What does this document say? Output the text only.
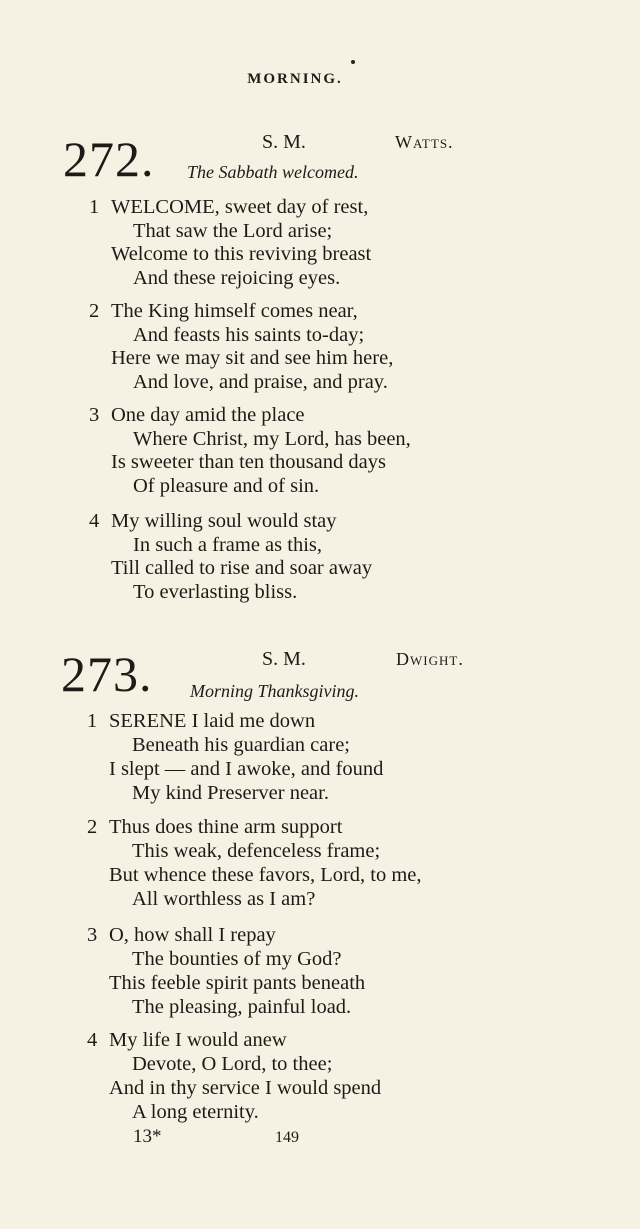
MORNING.
272.	S. M.	Watts.
The Sabbath welcomed.
1 WELCOME, sweet day of rest,
That saw the Lord arise;
Welcome to this reviving breast
And these rejoicing eyes.
2 The King himself comes near,
And feasts his saints to-day;
Here we may sit and see him here,
And love, and praise, and pray.
3 One day amid the place
Where Christ, my Lord, has been,
Is sweeter than ten thousand days
Of pleasure and of sin.
4 My willing soul would stay
In such a frame as this,
Till called to rise and soar away
To everlasting bliss.
273.	S. M.	Dwight.
Morning Thanksgiving.
1 SERENE I laid me down
Beneath his guardian care;
I slept — and I awoke, and found
My kind Preserver near.
2 Thus does thine arm support
This weak, defenceless frame;
But whence these favors, Lord, to me,
All worthless as I am?
3 O, how shall I repay
The bounties of my God?
This feeble spirit pants beneath
The pleasing, painful load.
4 My life I would anew
Devote, O Lord, to thee;
And in thy service I would spend
A long eternity.
13*	149
